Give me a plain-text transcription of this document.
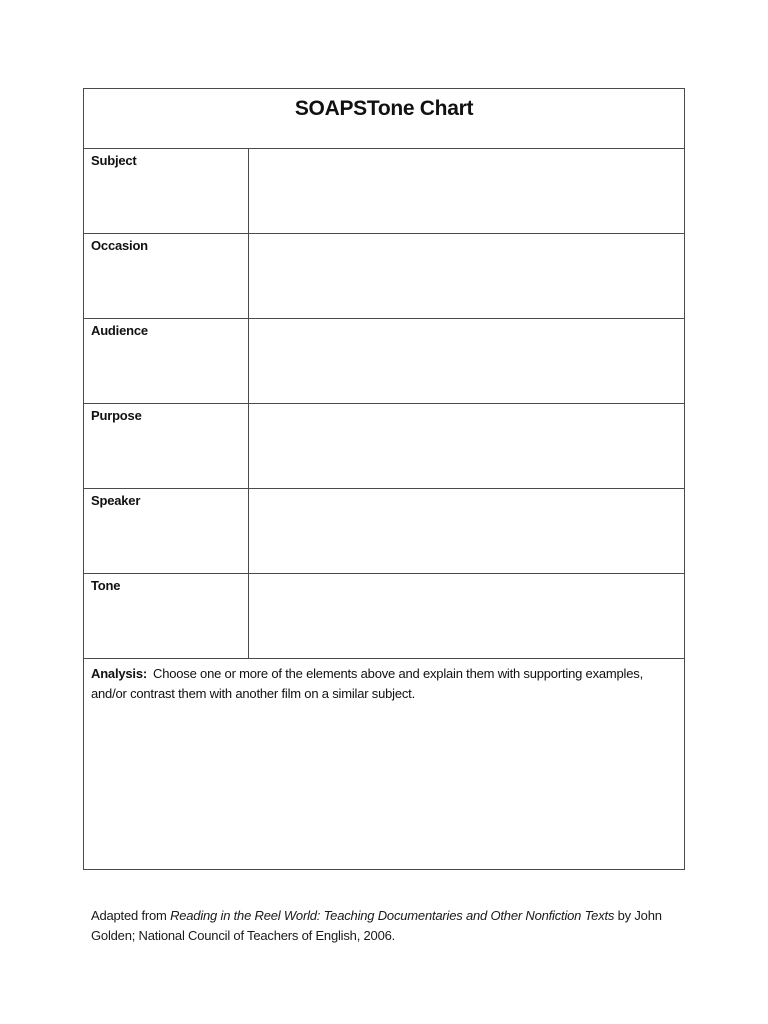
SOAPSTone Chart
Subject
Occasion
Audience
Purpose
Speaker
Tone
Analysis: Choose one or more of the elements above and explain them with supporting examples, and/or contrast them with another film on a similar subject.
Adapted from Reading in the Reel World: Teaching Documentaries and Other Nonfiction Texts by John Golden; National Council of Teachers of English, 2006.
